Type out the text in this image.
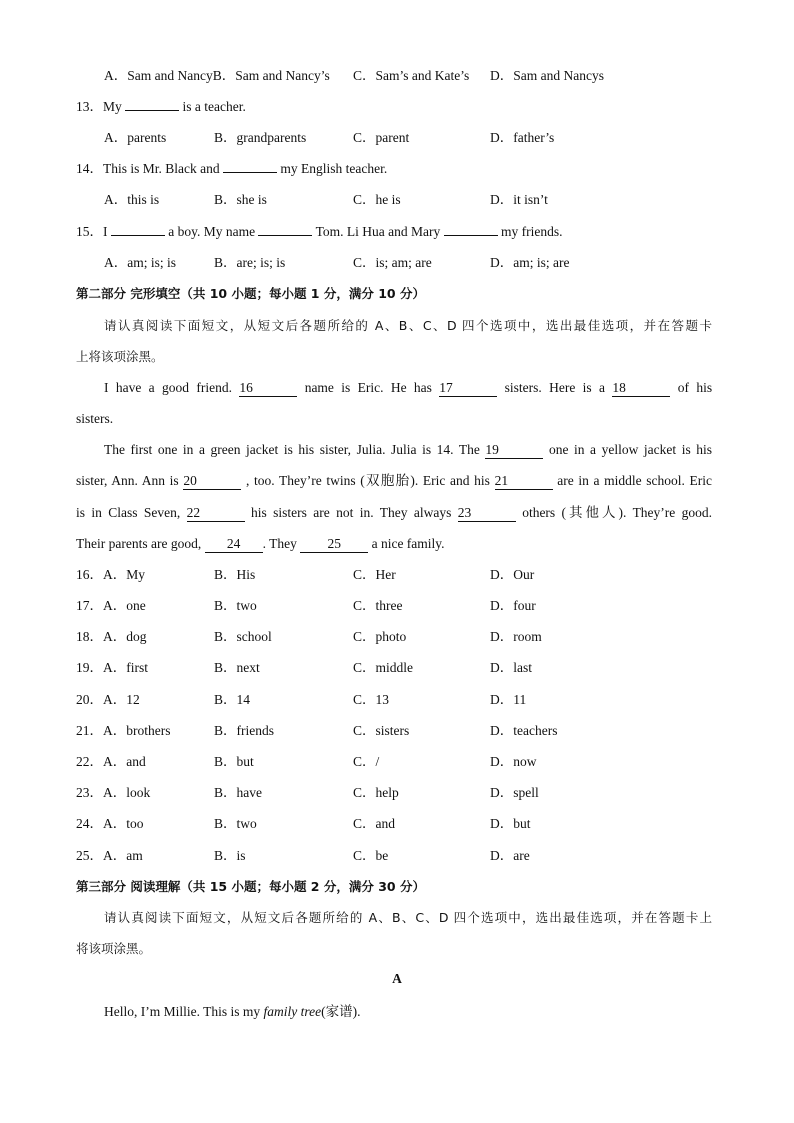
A．Sam and NancyB．Sam and Nancy’s C．Sam’s and Kate’s D．Sam and Nancys
13．My	is a teacher.
A．parents	B．grandparents	C．parent	D．father’s
14．This is Mr. Black and	my English teacher.
A．this is	B．she is	C．he is	D．it isn’t
15．I	a boy. My name	Tom. Li Hua and Mary	my friends.
A．am; is; is	B．are; is; is	C．is; am; are	D．am; is; are
第二部分 完形填空（共 10 小题；每小题 1 分，满分 10 分）
请认真阅读下面短文，从短文后各题所给的 A、B、C、D 四个选项中，选出最佳选项，并在答题卡
上将该项涂黑。
I have a good friend. 16	name is Eric. He has 17	sisters. Here is a 18	of his
sisters.
The first one in a green jacket is his sister, Julia. Julia is 14. The 19	one in a yellow jacket is his
sister, Ann. Ann is 20	, too. They’re twins (双胞胎). Eric and his 21	are in a middle school. Eric
is in Class Seven, 22	his sisters are not in. They always 23	others (其他人). They’re good.
Their parents are good, 24 . They 25 a nice family.
16．A．My	B．His	C．Her	D．Our
17．A．one	B．two	C．three	D．four
18．A．dog	B．school	C．photo	D．room
19．A．first	B．next	C．middle	D．last
20．A．12	B．14	C．13	D．11
21．A．brothers	B．friends	C．sisters	D．teachers
22．A．and	B．but	C．/	D．now
23．A．look	B．have	C．help	D．spell
24．A．too	B．two	C．and	D．but
25．A．am	B．is	C．be	D．are
第三部分 阅读理解（共 15 小题；每小题 2 分，满分 30 分）
请认真阅读下面短文，从短文后各题所给的 A、B、C、D 四个选项中，选出最佳选项，并在答题卡上
将该项涂黑。
A
Hello, I’m Millie. This is my family tree(家谱).
